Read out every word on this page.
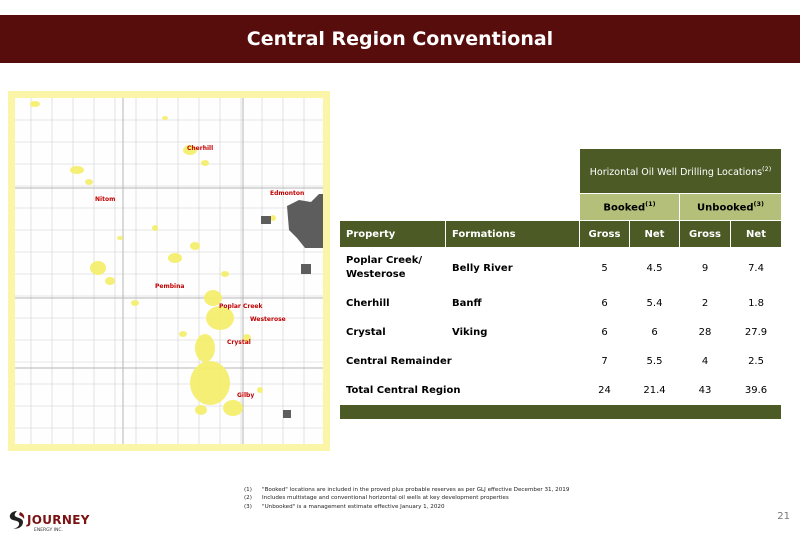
Central Region Conventional
Cherhill
Nitom
Edmonton
Pembina
Poplar Creek
Westerose
Crystal
Gilby
		Horizontal Oil Well Drilling Locations$^{(2)}$
		Booked$^{(1)}$		Unbooked$^{(3)}$
Property	Formations	Gross	Net	Gross	Net
Poplar Creek/ Westerose	Belly River	5	4.5	9	7.4
Cherhill	Banff	6	5.4	2	1.8
Crystal	Viking	6	6	28	27.9
Central Remainder		7	5.5	4	2.5
Total Central Region		24	21.4	43	39.6

(1)	"Booked" locations are included in the proved plus probable reserves as per GLJ effective December 31, 2019
(2)	Includes multistage and conventional horizontal oil wells at key development properties
(3)	"Unbooked" is a management estimate effective January 1, 2020
JOURNEY
ENERGY INC.
21
